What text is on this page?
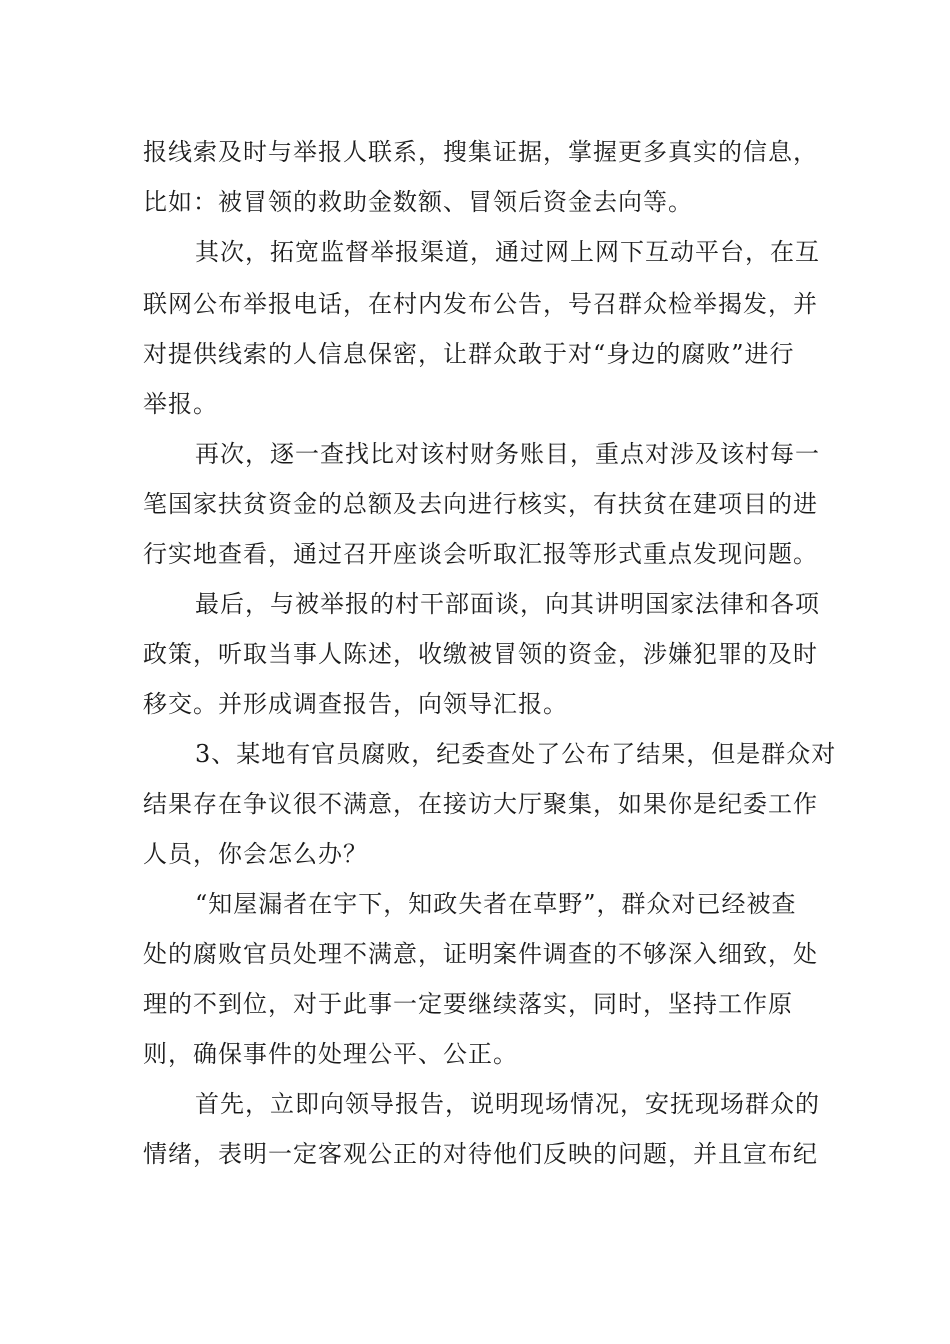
报线索及时与举报人联系，搜集证据，掌握更多真实的信息，
比如：被冒领的救助金数额、冒领后资金去向等。
其次，拓宽监督举报渠道，通过网上网下互动平台，在互
联网公布举报电话，在村内发布公告，号召群众检举揭发，并
对提供线索的人信息保密，让群众敢于对“身边的腐败”进行
举报。
再次，逐一查找比对该村财务账目，重点对涉及该村每一
笔国家扶贫资金的总额及去向进行核实，有扶贫在建项目的进
行实地查看，通过召开座谈会听取汇报等形式重点发现问题。
最后，与被举报的村干部面谈，向其讲明国家法律和各项
政策，听取当事人陈述，收缴被冒领的资金，涉嫌犯罪的及时
移交。并形成调查报告，向领导汇报。
3、某地有官员腐败，纪委查处了公布了结果，但是群众对
结果存在争议很不满意，在接访大厅聚集，如果你是纪委工作
人员，你会怎么办？
“知屋漏者在宇下，知政失者在草野”，群众对已经被查
处的腐败官员处理不满意，证明案件调查的不够深入细致，处
理的不到位，对于此事一定要继续落实，同时，坚持工作原
则，确保事件的处理公平、公正。
首先，立即向领导报告，说明现场情况，安抚现场群众的
情绪，表明一定客观公正的对待他们反映的问题，并且宣布纪
